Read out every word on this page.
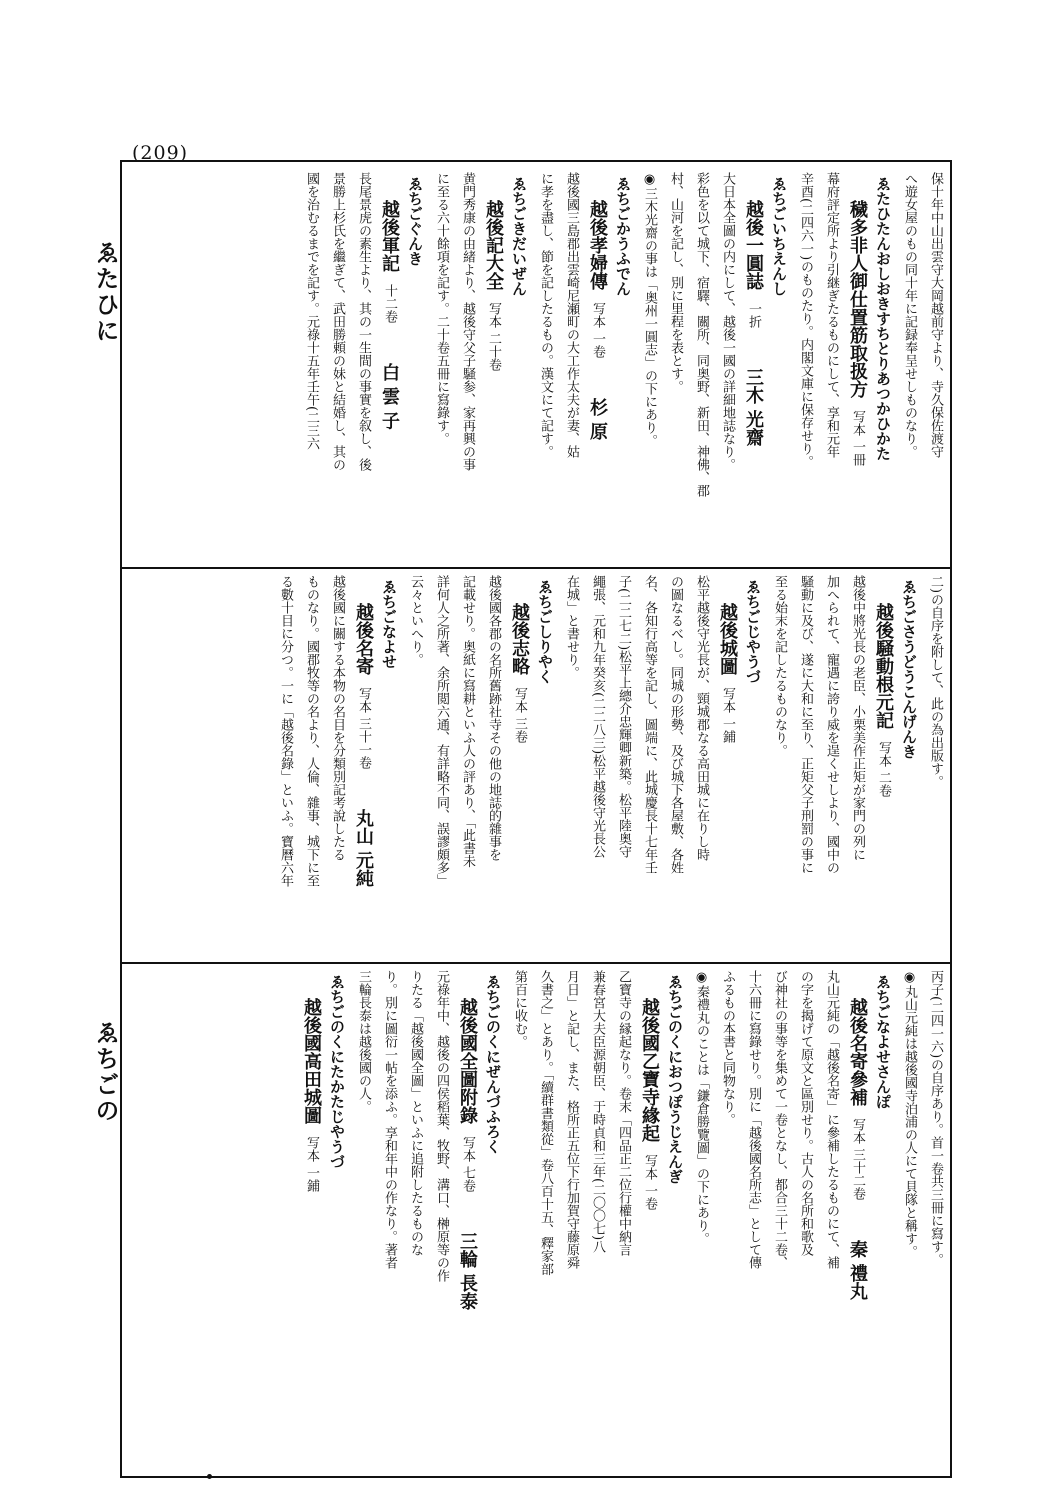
(209)
ゑたひに
ゑちごの
保十年中山出雲守大岡越前守より、寺久保佐渡守
へ遊女屋のもの同十年に記録奉呈せしものなり。
ゑたひたんおしおきすちとりあつかひかた
穢多非人御仕置筋取扱方写本 一冊
幕府評定所より引継ぎたるものにして、享和元年
辛酉(二四六一)のものたり。内閣文庫に保存せり。
ゑちごいちえんし
越後一圓誌一折三木 光齋
大日本全圖の内にして、越後一國の詳細地誌なり。
彩色を以て城下、宿驛、關所、同奥野、新田、神佛、郡
村、山河を記し、別に里程を表とす。
◉三木光齋の事は「奥州一圓志」の下にあり。
ゑちごかうふでん
越後孝婦傳写本 一卷杉 原
越後國三島郡出雲崎尼瀬町の大工作太夫が妻、姑
に孝を盡し、節を記したるもの。漢文にて記す。
ゑちごきだいぜん
越後記大全写本 二十卷
黄門秀康の由緒より、越後守父子騒参、家再興の事
に至る六十餘項を記す。二十卷五冊に寫錄す。
ゑちごぐんき
越後軍記十二卷白 雲 子
長尾景虎の素生より、其の一生間の事實を叙し、後
景勝上杉氏を繼ぎて、武田勝頼の妹と結婚し、其の
國を治むるまでを記す。元祿十五年壬午(二三六
二)の自序を附して、此の為出版す。
ゑちごさうどうこんげんき
越後騒動根元記写本 二卷
越後中將光長の老臣、小栗美作正矩が家門の列に
加へられて、寵遇に誇り威を逞くせしより、國中の
騒動に及び、遂に大和に至り、正矩父子刑罰の事に
至る始末を記したるものなり。
ゑちごじやうづ
越後城圖写本 一鋪
松平越後守光長が、頸城郡なる高田城に在りし時
の圖なるべし。同城の形勢、及び城下各屋敷、各姓
名、各知行高等を記し、圖端に、此城慶長十七年壬
子(二二七二)松平上總介忠輝卿新築。松平陸奥守
繩張、元和九年癸亥(二二八三)松平越後守光長公
在城」と書せり。
ゑちごしりやく
越後志略写本 三卷
越後國各郡の名所舊跡社寺その他の地誌的雜事を
記載せり。奥紙に寫耕といふ人の評あり、「此書未
詳何人之所著、余所閲六通、有詳略不同、誤謬頗多」
云々といへり。
ゑちごなよせ
越後名寄写本 三十一卷丸山 元純
越後國に關する本物の名目を分類別記考說したる
ものなり。國郡牧等の名より、人倫、雜事、城下に至
る數十目に分つ。一に「越後名錄」といふ。寶曆六年
丙子(二四一六)の自序あり。首一卷共三冊に寫す。
◉丸山元純は越後國寺泊浦の人にて貝隊と稱す。
ゑちごなよせさんぽ
越後名寄參補写本 三十二卷秦 禮丸
丸山元純の「越後名寄」に參補したるものにて、補
の字を揭げて原文と區別せり。古人の名所和歌及
び神社の事等を集めて一卷となし、都合三十二卷、
十六冊に寫錄せり。別に「越後國名所志」として傳
ふるもの本書と同物なり。
◉秦禮丸のことは「鎌倉勝覽圖」の下にあり。
ゑちごのくにおつぽうじえんぎ
越後國乙寶寺緣起写本 一卷
乙寶寺の縁起なり。卷末「四品正二位行權中納言
兼春宮大夫臣源朝臣、于時貞和三年(二〇〇七)八
月日」と記し、また、格所正五位下行加賀守藤原舜
久書之」とあり。「續群書類從」卷八百十五、釋家部
第百に收む。
ゑちごのくにぜんづふろく
越後國全圖附錄写本 七卷三輪 長泰
元祿年中、越後の四侯稻葉、牧野、溝口、榊原等の作
りたる「越後國全圖」といふに追附したるものな
り。別に圖衍一帖を添ふ。享和年中の作なり。著者
三輪長泰は越後國の人。
ゑちごのくにたかたじやうづ
越後國高田城圖写本 一鋪
